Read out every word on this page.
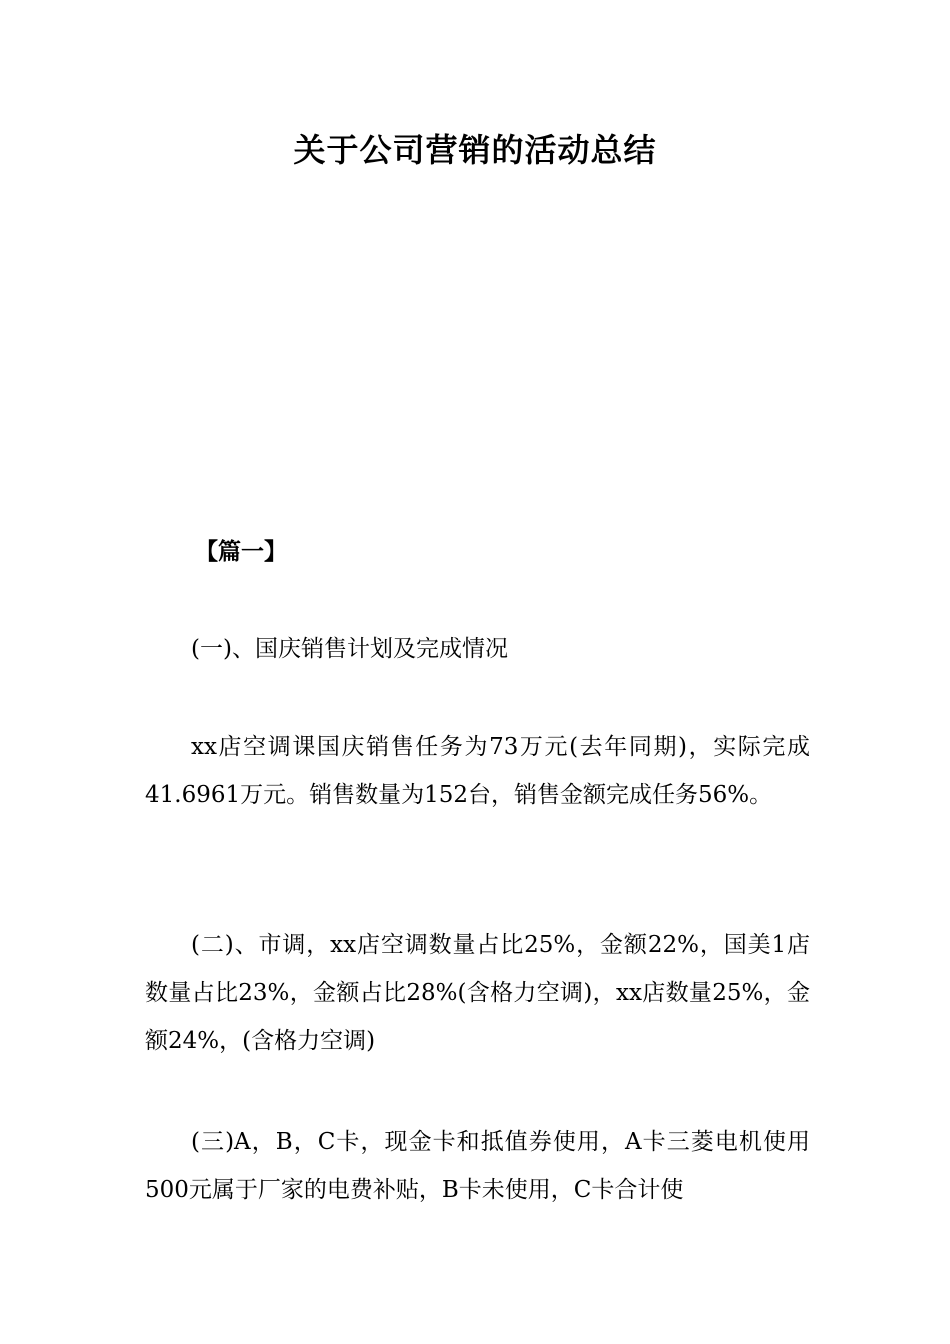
关于公司营销的活动总结

【篇一】

(一)、国庆销售计划及完成情况

xx店空调课国庆销售任务为73万元(去年同期)，实际完成41.6961万元。销售数量为152台，销售金额完成任务56%。

(二)、市调，xx店空调数量占比25%，金额22%，国美1店数量占比23%，金额占比28%(含格力空调)，xx店数量25%，金额24%，(含格力空调)

(三)A，B，C卡，现金卡和抵值券使用，A卡三菱电机使用500元属于厂家的电费补贴，B卡未使用，C卡合计使
